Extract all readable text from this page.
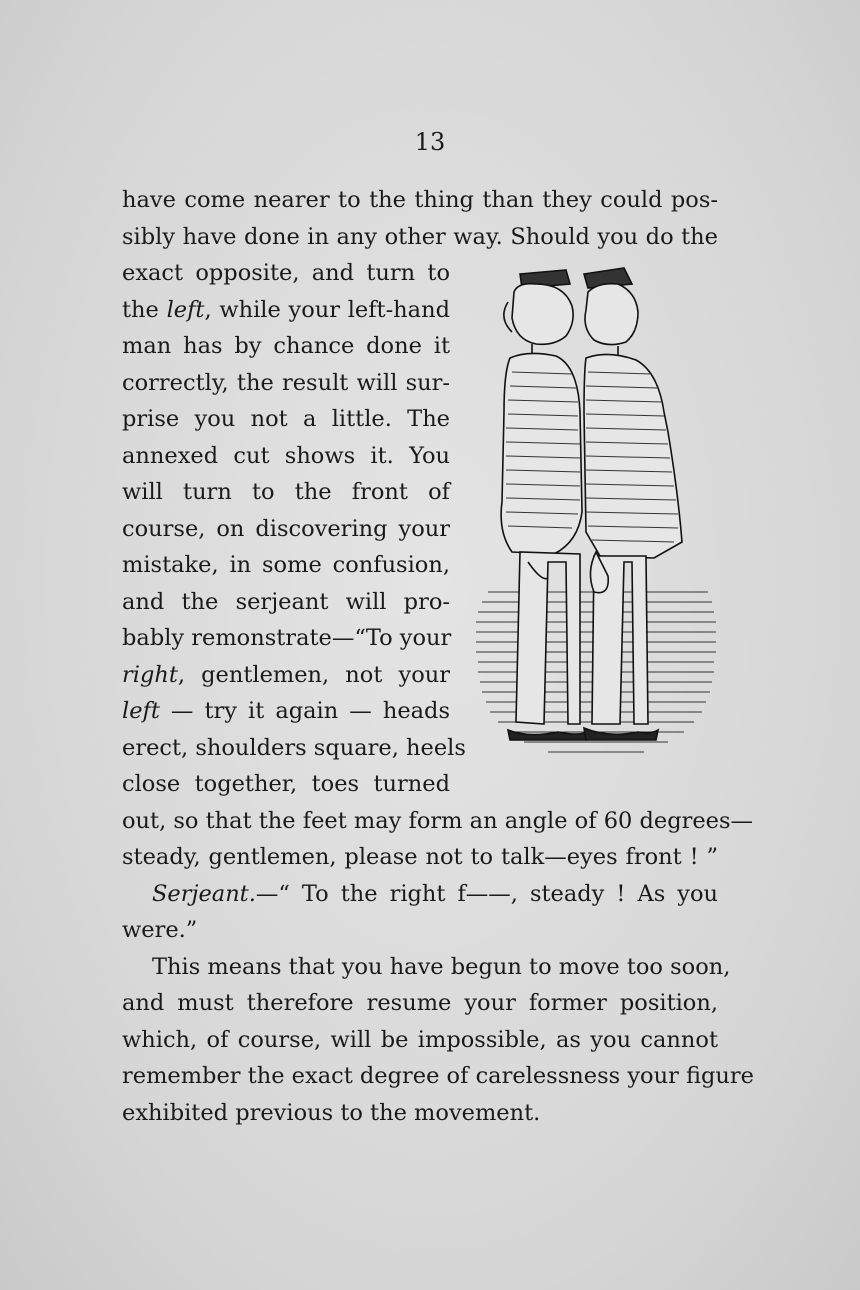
13
have come nearer to the thing than they could pos-
sibly have done in any other way. Should you do the
exact opposite, and turn to
the left, while your left-hand
man has by chance done it
correctly, the result will sur-
prise you not a little. The
annexed cut shows it. You
will turn to the front of
course, on discovering your
mistake, in some confusion,
and the serjeant will pro-
bably remonstrate—“To your
right, gentlemen, not your
left — try it again — heads
erect, shoulders square, heels
close together, toes turned
out, so that the feet may form an angle of 60 degrees—
steady, gentlemen, please not to talk—eyes front ! ”
Serjeant.—“ To the right f——, steady ! As you
were.”
This means that you have begun to move too soon,
and must therefore resume your former position,
which, of course, will be impossible, as you cannot
remember the exact degree of carelessness your figure
exhibited previous to the movement.
